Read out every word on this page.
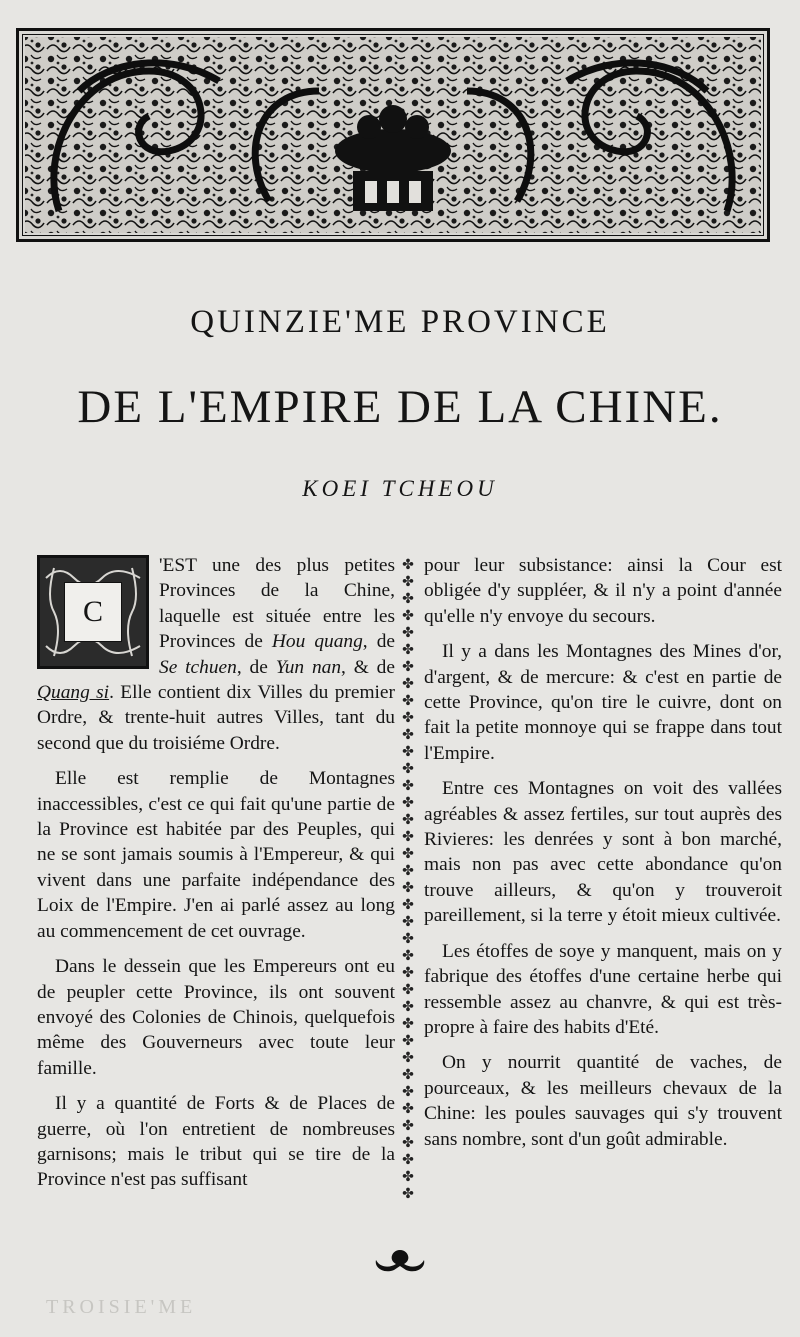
QUINZIE'ME PROVINCE
DE L'EMPIRE DE LA CHINE.
KOEI TCHEOU

C
'EST une des plus petites Provinces de la Chine, laquelle est située entre les Provinces de Hou quang, de Se tchuen, de Yun nan, & de Quang si. Elle contient dix Villes du premier Ordre, & trente-huit autres Villes, tant du second que du troisiéme Ordre.

Elle est remplie de Montagnes inaccessibles, c'est ce qui fait qu'une partie de la Province est habitée par des Peuples, qui ne se sont jamais soumis à l'Empereur, & qui vivent dans une parfaite indépendance des Loix de l'Empire. J'en ai parlé assez au long au commencement de cet ouvrage.

Dans le dessein que les Empereurs ont eu de peupler cette Province, ils ont souvent envoyé des Colonies de Chinois, quelquefois même des Gouverneurs avec toute leur famille.

Il y a quantité de Forts & de Places de guerre, où l'on entretient de nombreuses garnisons; mais le tribut qui se tire de la Province n'est pas suffisant

pour leur subsistance: ainsi la Cour est obligée d'y suppléer, & il n'y a point d'année qu'elle n'y envoye du secours.

Il y a dans les Montagnes des Mines d'or, d'argent, & de mercure: & c'est en partie de cette Province, qu'on tire le cuivre, dont on fait la petite monnoye qui se frappe dans tout l'Empire.

Entre ces Montagnes on voit des vallées agréables & assez fertiles, sur tout auprès des Rivieres: les denrées y sont à bon marché, mais non pas avec cette abondance qu'on trouve ailleurs, & qu'on y trouveroit pareillement, si la terre y étoit mieux cultivée.

Les étoffes de soye y manquent, mais on y fabrique des étoffes d'une certaine herbe qui ressemble assez au chanvre, & qui est très-propre à faire des habits d'Eté.

On y nourrit quantité de vaches, de pourceaux, & les meilleurs chevaux de la Chine: les poules sauvages qui s'y trouvent sans nombre, sont d'un goût admirable.

✤
✤
✤
✤
✤
✤
✤
✤
✤
✤
✤
✤
✤
✤
✤
✤
✤
✤
✤
✤
✤
✤
✤
✤
✤
✤
✤
✤
✤
✤
✤
✤
✤
✤
✤
✤
✤
✤
TROISIE'ME
